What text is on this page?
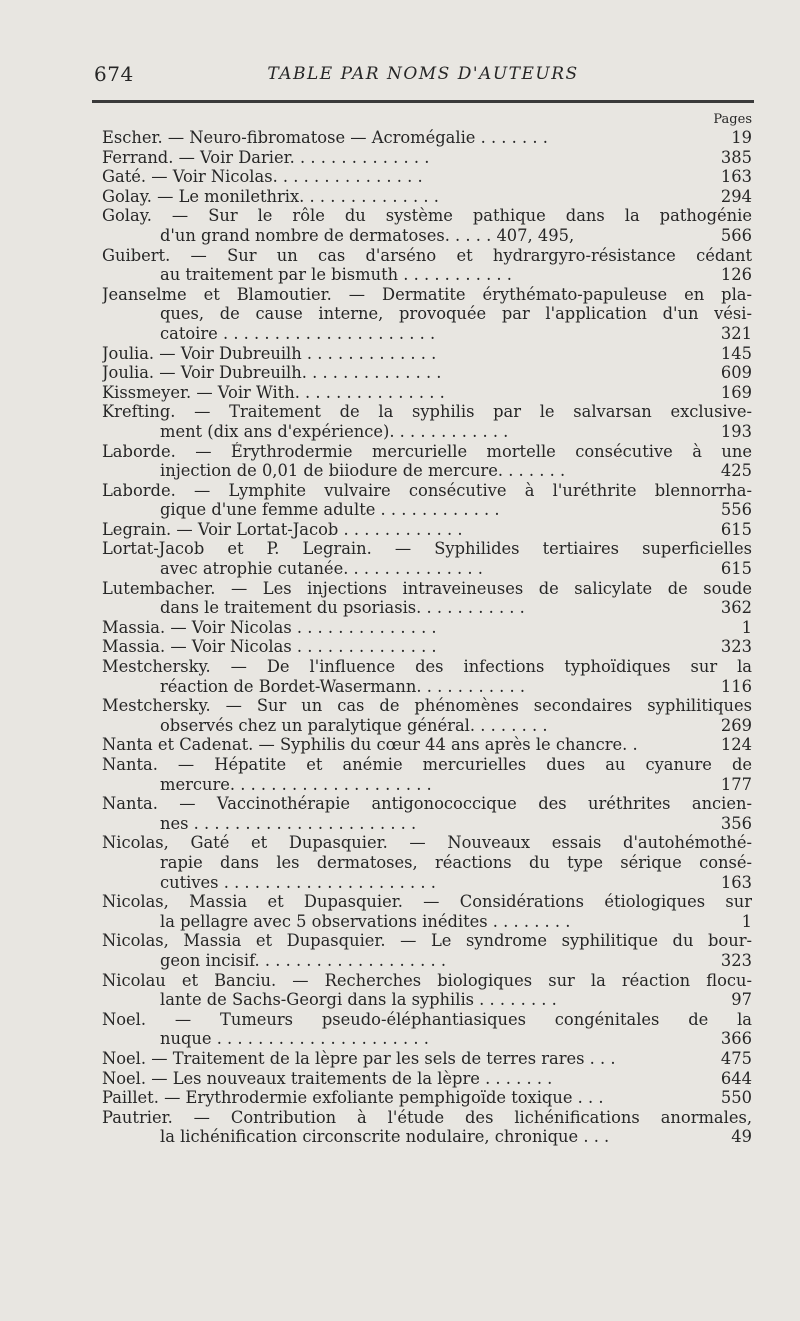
674	TABLE PAR NOMS D'AUTEURS
Pages
Escher. — Neuro-fibromatose — Acromégalie . . . . . . .	19
Ferrand. — Voir Darier. . . . . . . . . . . . . .	385
Gaté. — Voir Nicolas. . . . . . . . . . . . . . .	163
Golay. — Le monilethrix. . . . . . . . . . . . . .	294
Golay. — Sur le rôle du système pathique dans la pathogénie
d'un grand nombre de dermatoses. . . . . 407, 495,	566
Guibert. — Sur un cas d'arséno et hydrargyro-résistance cédant
au traitement par le bismuth . . . . . . . . . . .	126
Jeanselme et Blamoutier. — Dermatite érythémato-papuleuse en pla-
ques, de cause interne, provoquée par l'application d'un vési-
catoire . . . . . . . . . . . . . . . . . . . . .	321
Joulia. — Voir Dubreuilh . . . . . . . . . . . . .	145
Joulia. — Voir Dubreuilh. . . . . . . . . . . . . .	609
Kissmeyer. — Voir With. . . . . . . . . . . . . . .	169
Krefting. — Traitement de la syphilis par le salvarsan exclusive-
ment (dix ans d'expérience). . . . . . . . . . . .	193
Laborde. — Érythrodermie mercurielle mortelle consécutive à une
injection de 0,01 de biiodure de mercure. . . . . . .	425
Laborde. — Lymphite vulvaire consécutive à l'uréthrite blennorrha-
gique d'une femme adulte . . . . . . . . . . . .	556
Legrain. — Voir Lortat-Jacob . . . . . . . . . . . .	615
Lortat-Jacob et P. Legrain. — Syphilides tertiaires superficielles
avec atrophie cutanée. . . . . . . . . . . . . .	615
Lutembacher. — Les injections intraveineuses de salicylate de soude
dans le traitement du psoriasis. . . . . . . . . . .	362
Massia. — Voir Nicolas . . . . . . . . . . . . . .	1
Massia. — Voir Nicolas . . . . . . . . . . . . . .	323
Mestchersky. — De l'influence des infections typhoïdiques sur la
réaction de Bordet-Wasermann. . . . . . . . . . .	116
Mestchersky. — Sur un cas de phénomènes secondaires syphilitiques
observés chez un paralytique général. . . . . . . .	269
Nanta et Cadenat. — Syphilis du cœur 44 ans après le chancre. .	124
Nanta. — Hépatite et anémie mercurielles dues au cyanure de
mercure. . . . . . . . . . . . . . . . . . . .	177
Nanta. — Vaccinothérapie antigonococcique des uréthrites ancien-
nes . . . . . . . . . . . . . . . . . . . . . .	356
Nicolas, Gaté et Dupasquier. — Nouveaux essais d'autohémothé-
rapie dans les dermatoses, réactions du type sérique consé-
cutives . . . . . . . . . . . . . . . . . . . . .	163
Nicolas, Massia et Dupasquier. — Considérations étiologiques sur
la pellagre avec 5 observations inédites . . . . . . . .	1
Nicolas, Massia et Dupasquier. — Le syndrome syphilitique du bour-
geon incisif. . . . . . . . . . . . . . . . . . .	323
Nicolau et Banciu. — Recherches biologiques sur la réaction flocu-
lante de Sachs-Georgi dans la syphilis . . . . . . . .	97
Noel. — Tumeurs pseudo-éléphantiasiques congénitales de la
nuque . . . . . . . . . . . . . . . . . . . . .	366
Noel. — Traitement de la lèpre par les sels de terres rares . . .	475
Noel. — Les nouveaux traitements de la lèpre . . . . . . .	644
Paillet. — Erythrodermie exfoliante pemphigoïde toxique . . .	550
Pautrier. — Contribution à l'étude des lichénifications anormales,
la lichénification circonscrite nodulaire, chronique . . .	49
